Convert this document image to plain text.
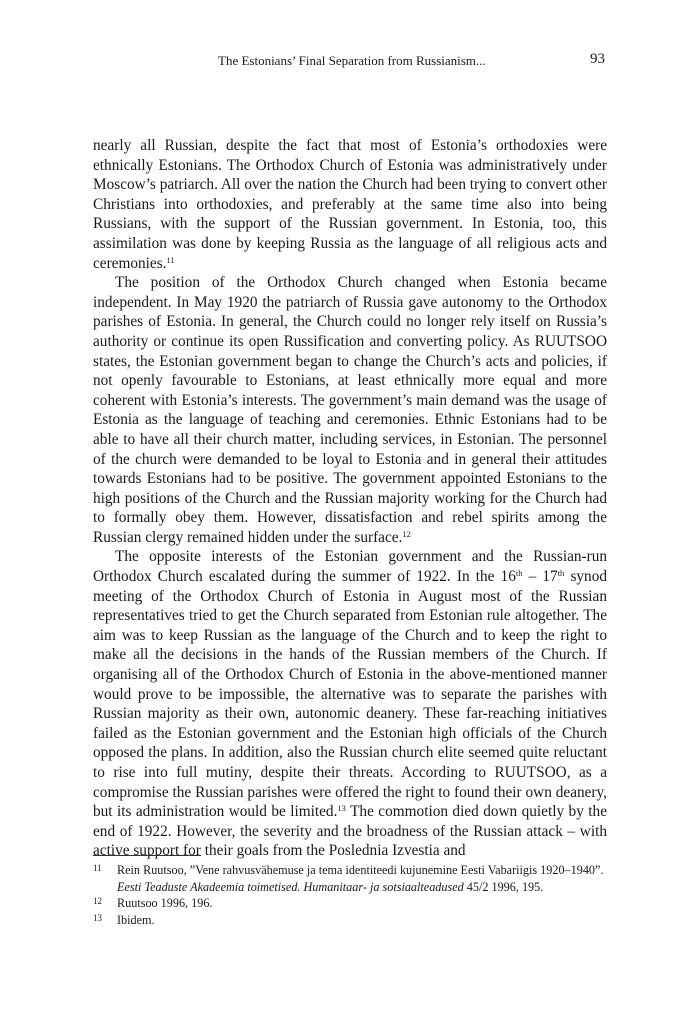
The Estonians’ Final Separation from Russianism...	93

nearly all Russian, despite the fact that most of Estonia’s orthodoxies were ethnically Estonians. The Orthodox Church of Estonia was administratively under Moscow’s patriarch. All over the nation the Church had been trying to convert other Christians into orthodoxies, and preferably at the same time also into being Russians, with the support of the Russian government. In Estonia, too, this assimilation was done by keeping Russia as the language of all religious acts and ceremonies.$^{11}$

The position of the Orthodox Church changed when Estonia became independent. In May 1920 the patriarch of Russia gave autonomy to the Orthodox parishes of Estonia. In general, the Church could no longer rely itself on Russia’s authority or continue its open Russification and converting policy. As RUUTSOO states, the Estonian government began to change the Church’s acts and policies, if not openly favourable to Estonians, at least ethnically more equal and more coherent with Estonia’s interests. The government’s main demand was the usage of Estonia as the language of teaching and ceremonies. Ethnic Estonians had to be able to have all their church matter, including services, in Estonian. The personnel of the church were demanded to be loyal to Estonia and in general their attitudes towards Estonians had to be positive. The government appointed Estonians to the high positions of the Church and the Russian majority working for the Church had to formally obey them. However, dissatisfaction and rebel spirits among the Russian clergy remained hidden under the surface.$^{12}$

The opposite interests of the Estonian government and the Russian-run Orthodox Church escalated during the summer of 1922. In the 16th – 17th synod meeting of the Orthodox Church of Estonia in August most of the Russian representatives tried to get the Church separated from Estonian rule altogether. The aim was to keep Russian as the language of the Church and to keep the right to make all the decisions in the hands of the Russian members of the Church. If organising all of the Orthodox Church of Estonia in the above-mentioned manner would prove to be impossible, the alternative was to separate the parishes with Russian majority as their own, autonomic deanery. These far-reaching initiatives failed as the Estonian government and the Estonian high officials of the Church opposed the plans. In addition, also the Russian church elite seemed quite reluctant to rise into full mutiny, despite their threats. According to RUUTSOO, as a compromise the Russian parishes were offered the right to found their own deanery, but its administration would be limited.$^{13}$ The commotion died down quietly by the end of 1922. However, the severity and the broadness of the Russian attack – with active support for their goals from the Poslednia Izvestia and

11 Rein Ruutsoo, ”Vene rahvusvähemuse ja tema identiteedi kujunemine Eesti Vabariigis 1920–1940”. Eesti Teaduste Akadeemia toimetised. Humanitaar- ja sotsiaalteadused 45/2 1996, 195.

12 Ruutsoo 1996, 196.

13 Ibidem.
